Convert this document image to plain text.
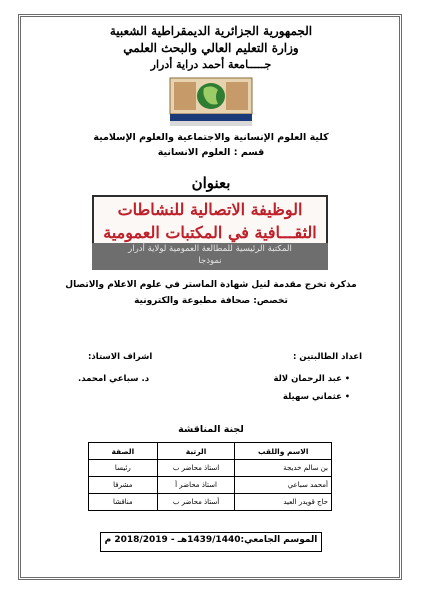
الجمهورية الجزائرية الديمقراطية الشعبية
وزارة التعليم العالي والبحث العلمي
جـــــامعة أحمد دراية أدرار
كلية العلوم الإنسانية والاجتماعية والعلوم الإسلامية
قسم : العلوم الانسانية
بعنوان
الوظيفة الاتصالية للنشاطات
الثقـــافية في المكتبات العمومية
المكتبة الرئيسية للمطالعة العمومية لولاية أدرار
نموذجا
مذكرة تخرج مقدمة لنيل شهادة الماستر في علوم الاعلام والاتصال
تخصص: صحافة مطبوعة والكترونية
اعداد الطالبتين :
• عبد الرحمان لالة
• عثماني سهيلة
اشراف الاستاذ:
د. سباعي امحمد.
لجنة المناقشة
الاسم واللقب	الرتبة	الصفة
بن سالم خديجة	استاذ محاضر ب	رئيسا
أمحمد سباعي	استاذ محاضر أ	مشرفا
حاج قويدر العيد	أستاذ محاضر ب	مناقشا
الموسم الجامعي:1439/1440هـ - 2018/2019 م
